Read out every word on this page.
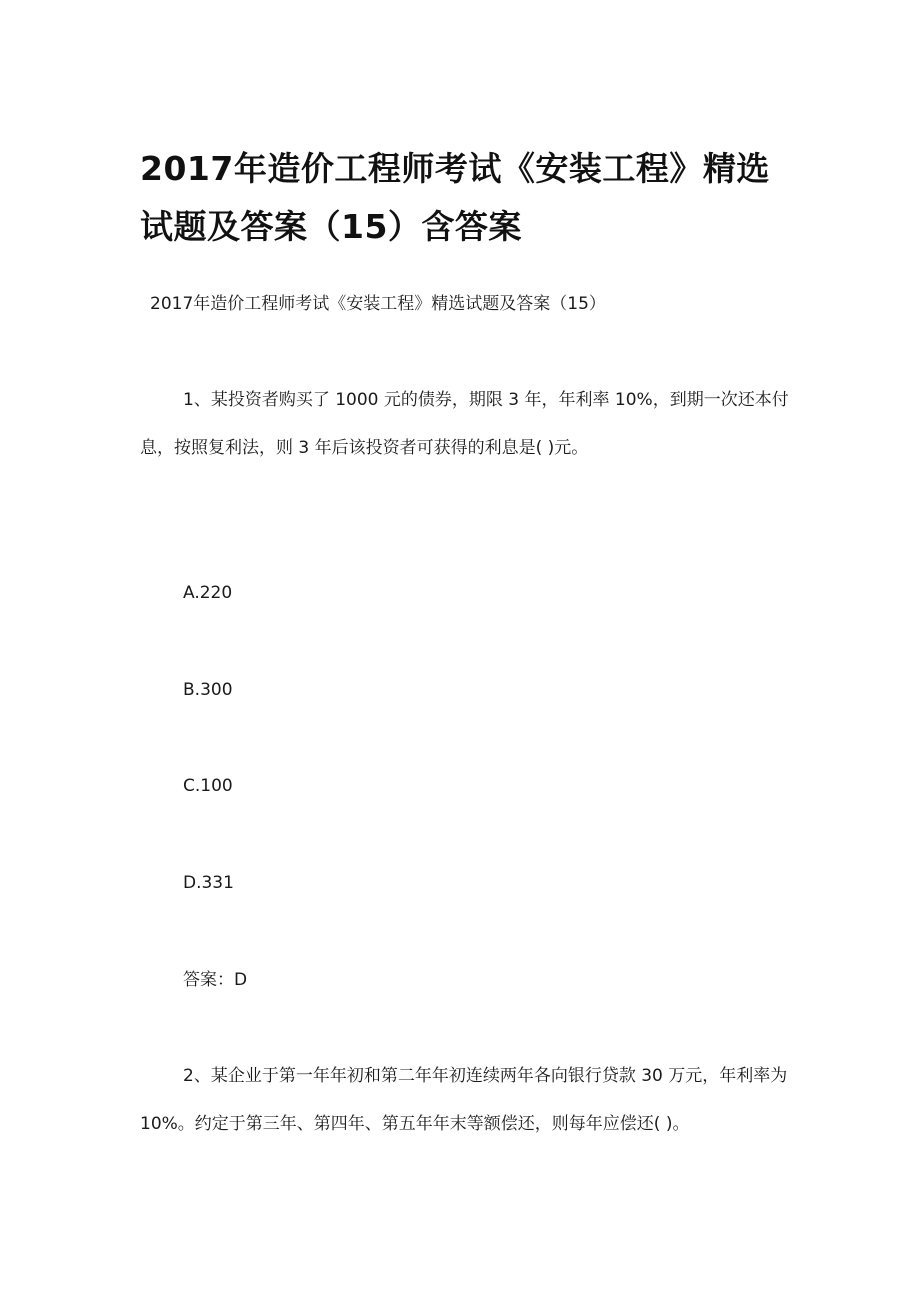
2017年造价工程师考试《安装工程》精选试题及答案（15）含答案

2017年造价工程师考试《安装工程》精选试题及答案（15）

1、某投资者购买了 1000 元的债券，期限 3 年，年利率 10%，到期一次还本付息，按照复利法，则 3 年后该投资者可获得的利息是( )元。

A.220

B.300

C.100

D.331

答案：D

2、某企业于第一年年初和第二年年初连续两年各向银行贷款 30 万元，年利率为 10%。约定于第三年、第四年、第五年年末等额偿还，则每年应偿还( )。
